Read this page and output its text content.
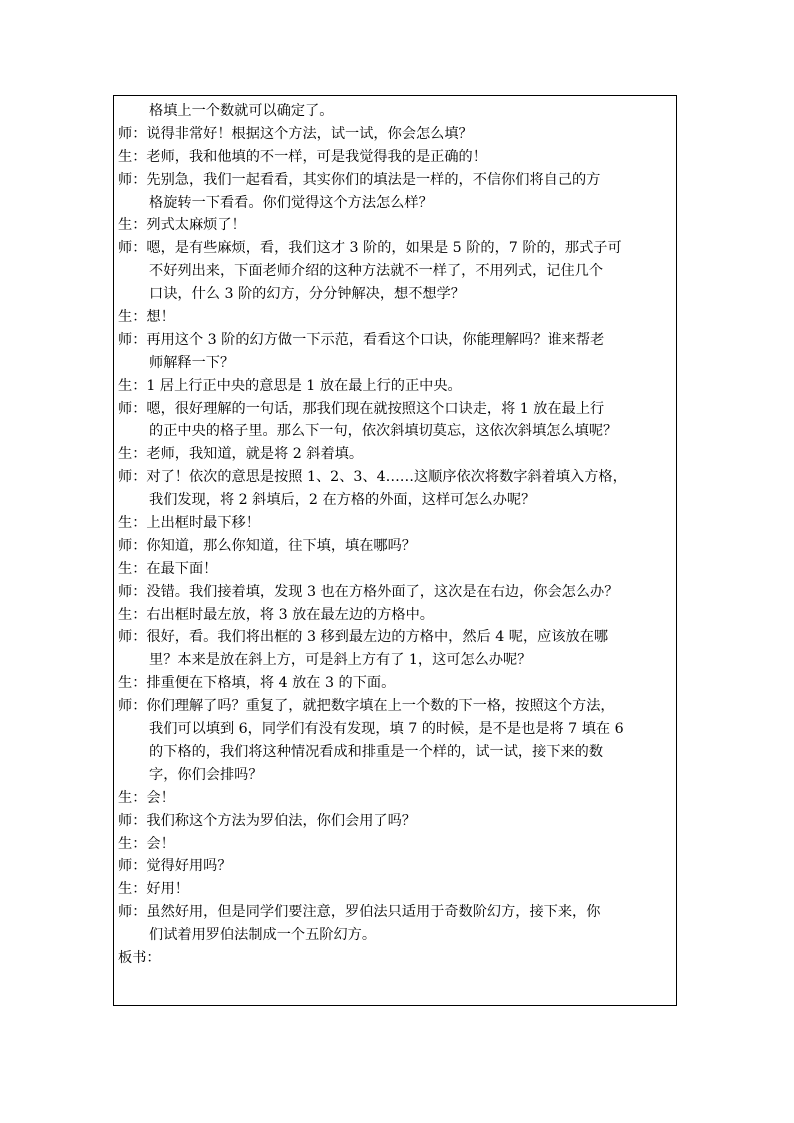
格填上一个数就可以确定了。
师：说得非常好！根据这个方法，试一试，你会怎么填？
生：老师，我和他填的不一样，可是我觉得我的是正确的！
师：先别急，我们一起看看，其实你们的填法是一样的，不信你们将自己的方
格旋转一下看看。你们觉得这个方法怎么样？
生：列式太麻烦了！
师：嗯，是有些麻烦，看，我们这才 3 阶的，如果是 5 阶的，7 阶的，那式子可
不好列出来，下面老师介绍的这种方法就不一样了，不用列式，记住几个
口诀，什么 3 阶的幻方，分分钟解决，想不想学？
生：想！
师：再用这个 3 阶的幻方做一下示范，看看这个口诀，你能理解吗？谁来帮老
师解释一下？
生：1 居上行正中央的意思是 1 放在最上行的正中央。
师：嗯，很好理解的一句话，那我们现在就按照这个口诀走，将 1 放在最上行
的正中央的格子里。那么下一句，依次斜填切莫忘，这依次斜填怎么填呢？
生：老师，我知道，就是将 2 斜着填。
师：对了！依次的意思是按照 1、2、3、4……这顺序依次将数字斜着填入方格，
我们发现，将 2 斜填后，2 在方格的外面，这样可怎么办呢？
生：上出框时最下移！
师：你知道，那么你知道，往下填，填在哪吗？
生：在最下面！
师：没错。我们接着填，发现 3 也在方格外面了，这次是在右边，你会怎么办？
生：右出框时最左放，将 3 放在最左边的方格中。
师：很好，看。我们将出框的 3 移到最左边的方格中，然后 4 呢，应该放在哪
里？本来是放在斜上方，可是斜上方有了 1，这可怎么办呢？
生：排重便在下格填，将 4 放在 3 的下面。
师：你们理解了吗？重复了，就把数字填在上一个数的下一格，按照这个方法，
我们可以填到 6，同学们有没有发现，填 7 的时候，是不是也是将 7 填在 6
的下格的，我们将这种情况看成和排重是一个样的，试一试，接下来的数
字，你们会排吗？
生：会！
师：我们称这个方法为罗伯法，你们会用了吗？
生：会！
师：觉得好用吗？
生：好用！
师：虽然好用，但是同学们要注意，罗伯法只适用于奇数阶幻方，接下来，你
们试着用罗伯法制成一个五阶幻方。
板书：
